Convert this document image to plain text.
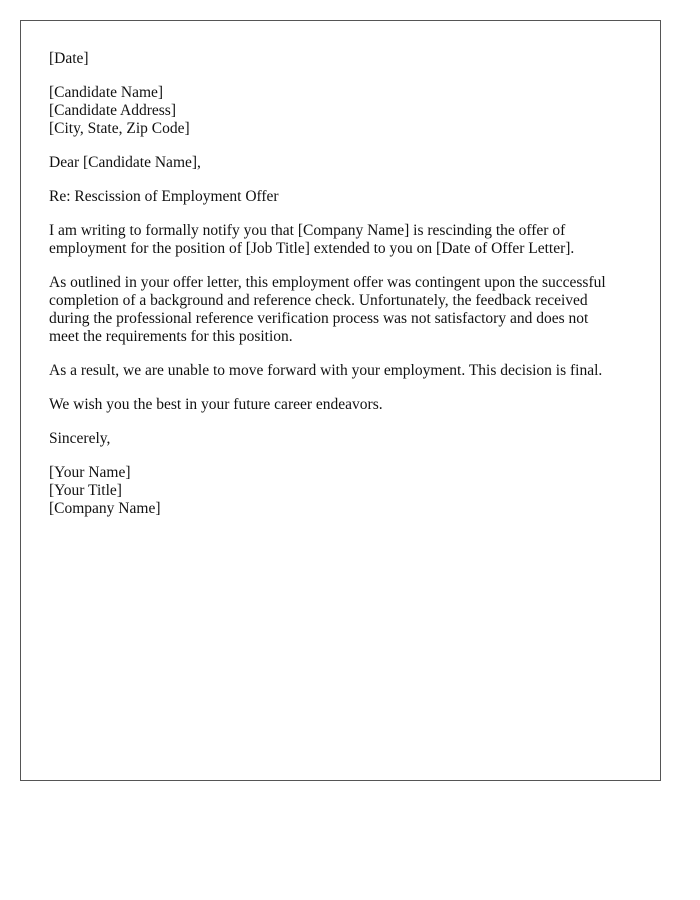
[Date]
[Candidate Name]
[Candidate Address]
[City, State, Zip Code]
Dear [Candidate Name],
Re: Rescission of Employment Offer
I am writing to formally notify you that [Company Name] is rescinding the offer of
employment for the position of [Job Title] extended to you on [Date of Offer Letter].
As outlined in your offer letter, this employment offer was contingent upon the successful
completion of a background and reference check. Unfortunately, the feedback received
during the professional reference verification process was not satisfactory and does not
meet the requirements for this position.
As a result, we are unable to move forward with your employment. This decision is final.
We wish you the best in your future career endeavors.
Sincerely,
[Your Name]
[Your Title]
[Company Name]
